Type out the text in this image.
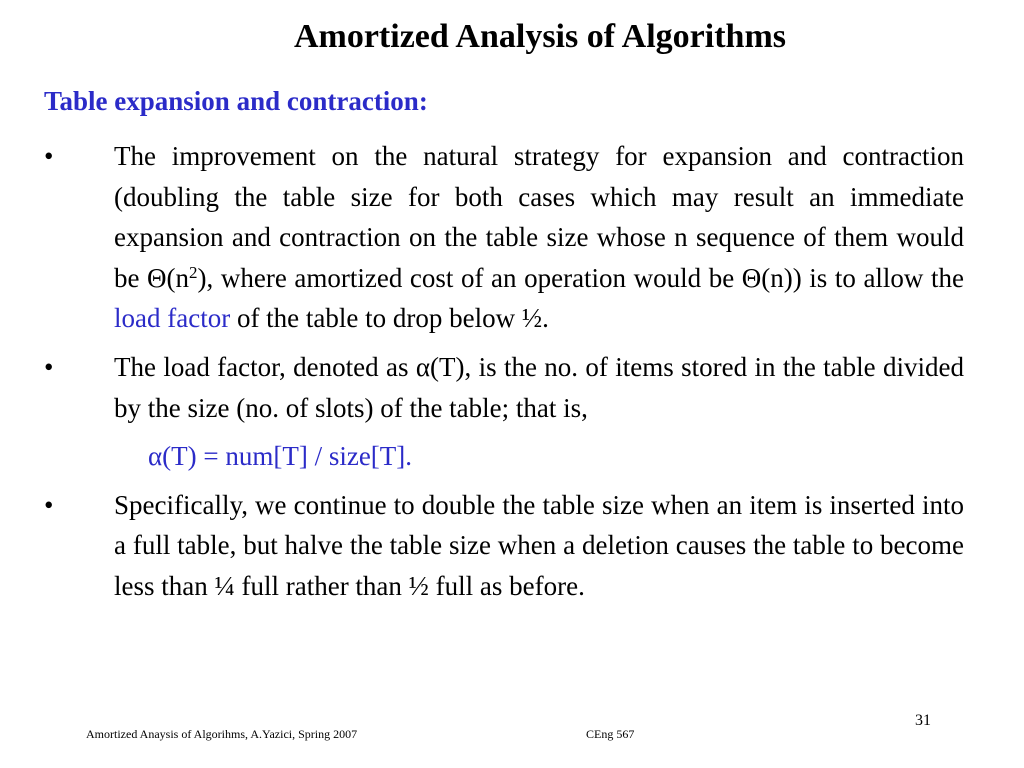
Amortized Analysis of Algorithms
Table expansion and contraction:
•	The improvement on the natural strategy for expansion and contraction (doubling the table size for both cases which may result an immediate expansion and contraction on the table size whose n sequence of them would be $\Theta(n^2)$, where amortized cost of an operation would be Θ(n)) is to allow the load factor of the table to drop below ½.
•	The load factor, denoted as α(T), is the no. of items stored in the table divided by the size (no. of slots) of the table; that is,
α(T) = num[T] / size[T].
•	Specifically, we continue to double the table size when an item is inserted into a full table, but halve the table size when a deletion causes the table to become less than ¼ full rather than ½ full as before.
31
Amortized Anaysis of Algorihms, A.Yazici, Spring 2007	CEng 567
